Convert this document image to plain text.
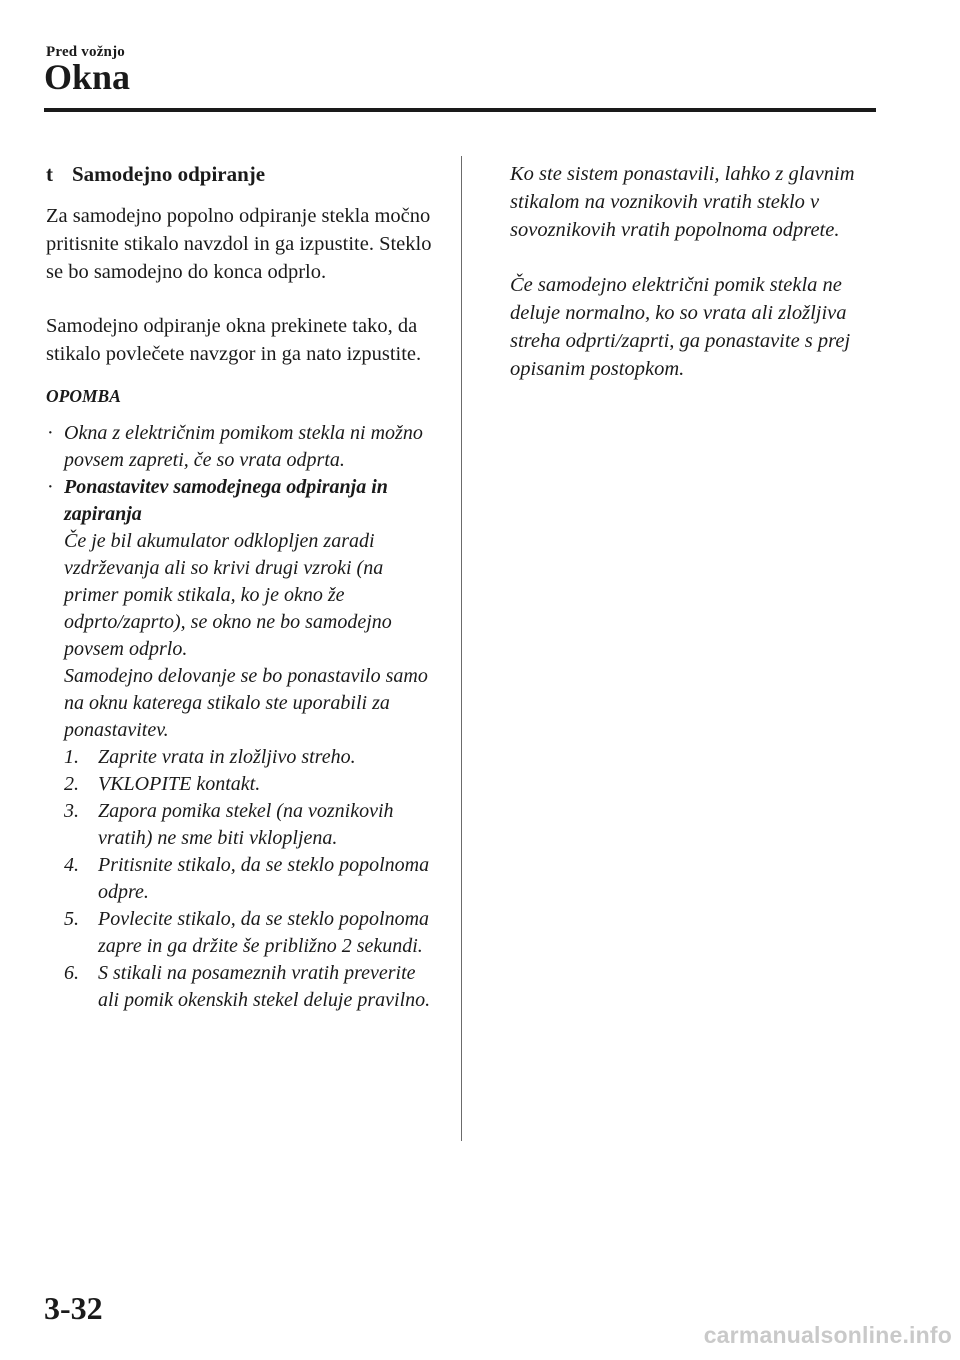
Pred vožnjo
Okna
t Samodejno odpiranje

Za samodejno popolno odpiranje stekla močno pritisnite stikalo navzdol in ga izpustite. Steklo se bo samodejno do konca odprlo.

Samodejno odpiranje okna prekinete tako, da stikalo povlečete navzgor in ga nato izpustite.

OPOMBA
· Okna z električnim pomikom stekla ni možno povsem zapreti, če so vrata odprta.
· Ponastavitev samodejnega odpiranja in zapiranja
Če je bil akumulator odklopljen zaradi vzdrževanja ali so krivi drugi vzroki (na primer pomik stikala, ko je okno že odprto/zaprto), se okno ne bo samodejno povsem odprlo.
Samodejno delovanje se bo ponastavilo samo na oknu katerega stikalo ste uporabili za ponastavitev.
1. Zaprite vrata in zložljivo streho.
2. VKLOPITE kontakt.
3. Zapora pomika stekel (na voznikovih vratih) ne sme biti vklopljena.
4. Pritisnite stikalo, da se steklo popolnoma odpre.
5. Povlecite stikalo, da se steklo popolnoma zapre in ga držite še približno 2 sekundi.
6. S stikali na posameznih vratih preverite ali pomik okenskih stekel deluje pravilno.

Ko ste sistem ponastavili, lahko z glavnim stikalom na voznikovih vratih steklo v sovoznikovih vratih popolnoma odprete.

Če samodejno električni pomik stekla ne deluje normalno, ko so vrata ali zložljiva streha odprti/zaprti, ga ponastavite s prej opisanim postopkom.

3-32
carmanualsonline.info
